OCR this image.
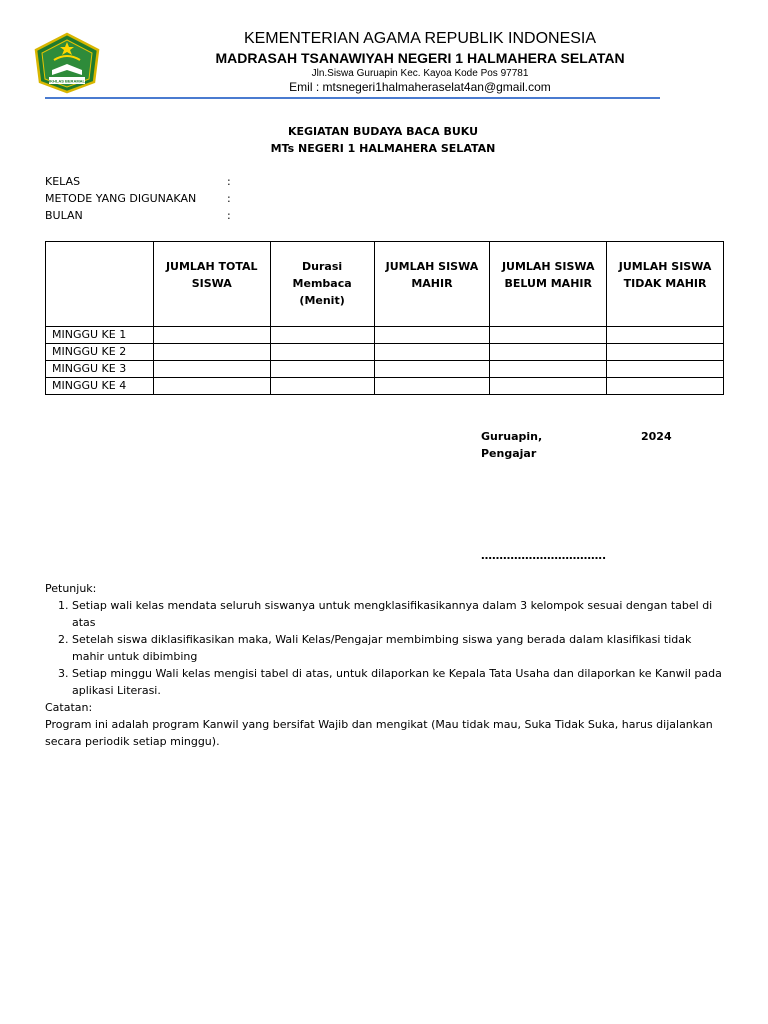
IKHLAS BERAMAL
KEMENTERIAN AGAMA REPUBLIK INDONESIA
MADRASAH TSANAWIYAH NEGERI 1 HALMAHERA SELATAN
Jln.Siswa Guruapin Kec. Kayoa Kode Pos 97781
Emil : mtsnegeri1halmaheraselat4an@gmail.com
KEGIATAN BUDAYA BACA BUKU
MTs NEGERI 1 HALMAHERA SELATAN
KELAS	:
METODE YANG DIGUNAKAN	:
BULAN	:
	JUMLAH TOTAL SISWA	Durasi Membaca (Menit)	JUMLAH SISWA MAHIR	JUMLAH SISWA BELUM MAHIR	JUMLAH SISWA TIDAK MAHIR
MINGGU KE 1					
MINGGU KE 2					
MINGGU KE 3					
MINGGU KE 4					
Guruapin,	2024
Pengajar
…………………………….

Petunjuk:

1. Setiap wali kelas mendata seluruh siswanya untuk mengklasifikasikannya dalam 3 kelompok sesuai dengan tabel di atas
2. Setelah siswa diklasifikasikan maka, Wali Kelas/Pengajar membimbing siswa yang berada dalam klasifikasi tidak mahir untuk dibimbing
3. Setiap minggu Wali kelas mengisi tabel di atas, untuk dilaporkan ke Kepala Tata Usaha dan dilaporkan ke Kanwil pada aplikasi Literasi.

Catatan:

Program ini adalah program Kanwil yang bersifat Wajib dan mengikat (Mau tidak mau, Suka Tidak Suka, harus dijalankan secara periodik setiap minggu).
